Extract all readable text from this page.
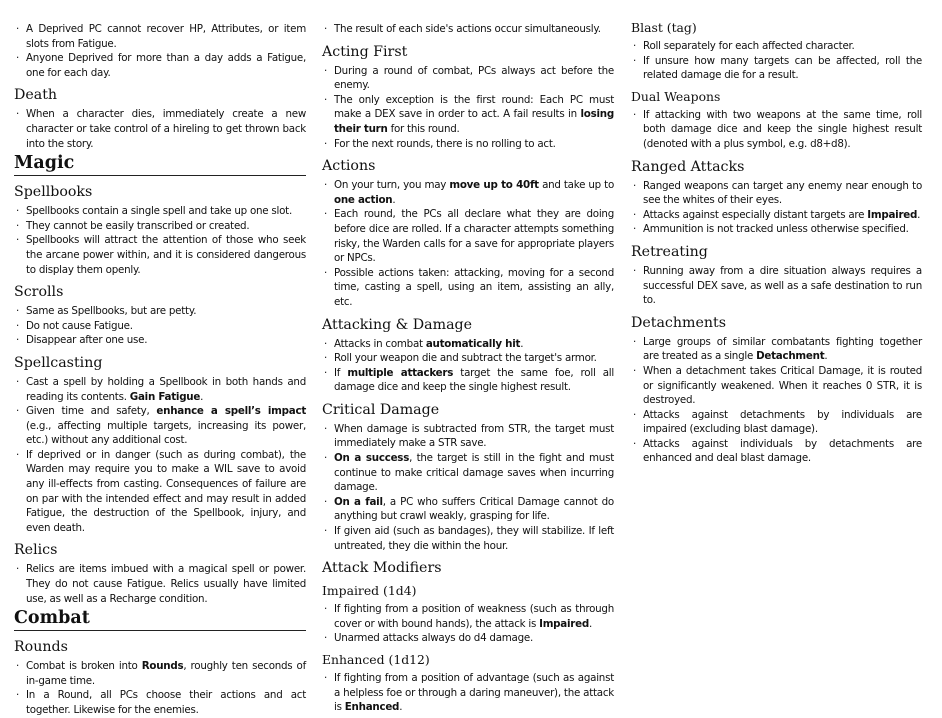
· A Deprived PC cannot recover HP, Attributes, or item slots from Fatigue.
· Anyone Deprived for more than a day adds a Fatigue, one for each day.
Death
· When a character dies, immediately create a new character or take control of a hireling to get thrown back into the story.
Magic
Spellbooks
· Spellbooks contain a single spell and take up one slot.
· They cannot be easily transcribed or created.
· Spellbooks will attract the attention of those who seek the arcane power within, and it is considered dangerous to display them openly.
Scrolls
· Same as Spellbooks, but are petty.
· Do not cause Fatigue.
· Disappear after one use.
Spellcasting
· Cast a spell by holding a Spellbook in both hands and reading its contents. Gain Fatigue.
· Given time and safety, enhance a spell’s impact (e.g., affecting multiple targets, increasing its power, etc.) without any additional cost.
· If deprived or in danger (such as during combat), the Warden may require you to make a WIL save to avoid any ill-effects from casting. Consequences of failure are on par with the intended effect and may result in added Fatigue, the destruction of the Spellbook, injury, and even death.
Relics
· Relics are items imbued with a magical spell or power. They do not cause Fatigue. Relics usually have limited use, as well as a Recharge condition.
Combat
Rounds
· Combat is broken into Rounds, roughly ten seconds of in-game time.
· In a Round, all PCs choose their actions and act together. Likewise for the enemies.
· The result of each side's actions occur simultaneously.
Acting First
· During a round of combat, PCs always act before the enemy.
· The only exception is the first round: Each PC must make a DEX save in order to act. A fail results in losing their turn for this round.
· For the next rounds, there is no rolling to act.
Actions
· On your turn, you may move up to 40ft and take up to one action.
· Each round, the PCs all declare what they are doing before dice are rolled. If a character attempts something risky, the Warden calls for a save for appropriate players or NPCs.
· Possible actions taken: attacking, moving for a second time, casting a spell, using an item, assisting an ally, etc.
Attacking & Damage
· Attacks in combat automatically hit.
· Roll your weapon die and subtract the target's armor.
· If multiple attackers target the same foe, roll all damage dice and keep the single highest result.
Critical Damage
· When damage is subtracted from STR, the target must immediately make a STR save.
· On a success, the target is still in the fight and must continue to make critical damage saves when incurring damage.
· On a fail, a PC who suffers Critical Damage cannot do anything but crawl weakly, grasping for life.
· If given aid (such as bandages), they will stabilize. If left untreated, they die within the hour.
Attack Modifiers
Impaired (1d4)
· If fighting from a position of weakness (such as through cover or with bound hands), the attack is Impaired.
· Unarmed attacks always do d4 damage.
Enhanced (1d12)
· If fighting from a position of advantage (such as against a helpless foe or through a daring maneuver), the attack is Enhanced.
Blast (tag)
· Roll separately for each affected character.
· If unsure how many targets can be affected, roll the related damage die for a result.
Dual Weapons
· If attacking with two weapons at the same time, roll both damage dice and keep the single highest result (denoted with a plus symbol, e.g. d8+d8).
Ranged Attacks
· Ranged weapons can target any enemy near enough to see the whites of their eyes.
· Attacks against especially distant targets are Impaired.
· Ammunition is not tracked unless otherwise specified.
Retreating
· Running away from a dire situation always requires a successful DEX save, as well as a safe destination to run to.
Detachments
· Large groups of similar combatants fighting together are treated as a single Detachment.
· When a detachment takes Critical Damage, it is routed or significantly weakened. When it reaches 0 STR, it is destroyed.
· Attacks against detachments by individuals are impaired (excluding blast damage).
· Attacks against individuals by detachments are enhanced and deal blast damage.
